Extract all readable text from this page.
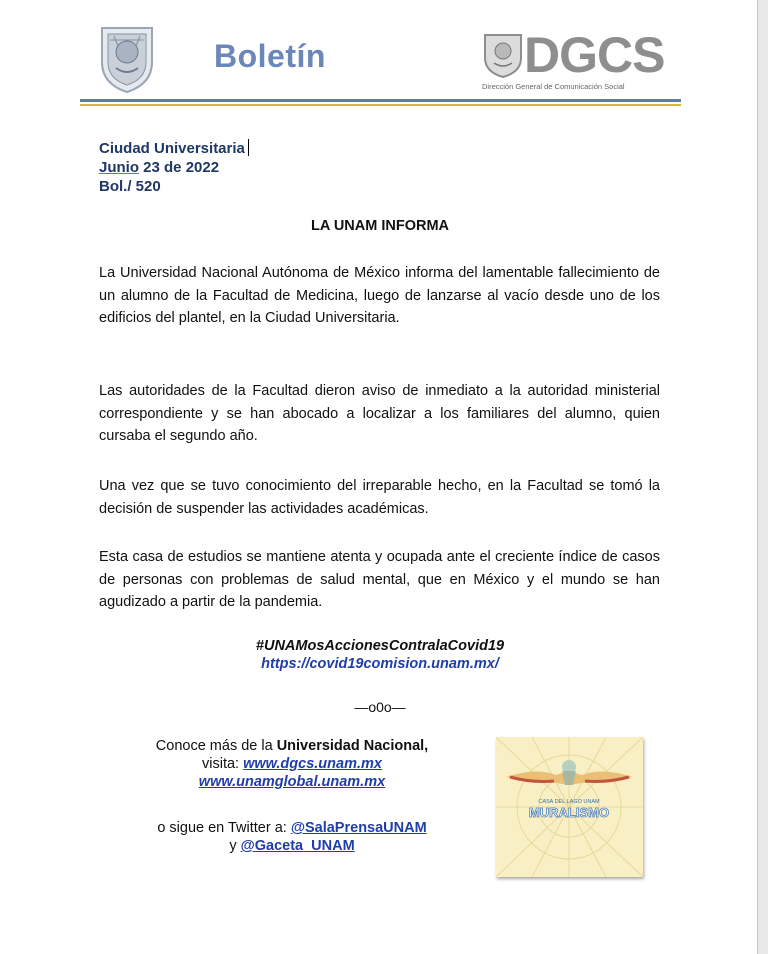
Boletín	DGCS
Dirección General de Comunicación Social
Ciudad Universitaria
Junio 23 de 2022
Bol./ 520
LA UNAM INFORMA
La Universidad Nacional Autónoma de México informa del lamentable fallecimiento de un alumno de la Facultad de Medicina, luego de lanzarse al vacío desde uno de los edificios del plantel, en la Ciudad Universitaria.
Las autoridades de la Facultad dieron aviso de inmediato a la autoridad ministerial correspondiente y se han abocado a localizar a los familiares del alumno, quien cursaba el segundo año.
Una vez que se tuvo conocimiento del irreparable hecho, en la Facultad se tomó la decisión de suspender las actividades académicas.
Esta casa de estudios se mantiene atenta y ocupada ante el creciente índice de casos de personas con problemas de salud mental, que en México y el mundo se han agudizado a partir de la pandemia.
#UNAMosAccionesContralaCovid19
https://covid19comision.unam.mx/
—o0o—
Conoce más de la Universidad Nacional,
visita: www.dgcs.unam.mx
www.unamglobal.unam.mx
o sigue en Twitter a: @SalaPrensaUNAM
y @Gaceta_UNAM
CASA DEL LAGO UNAM
MURALISMO
